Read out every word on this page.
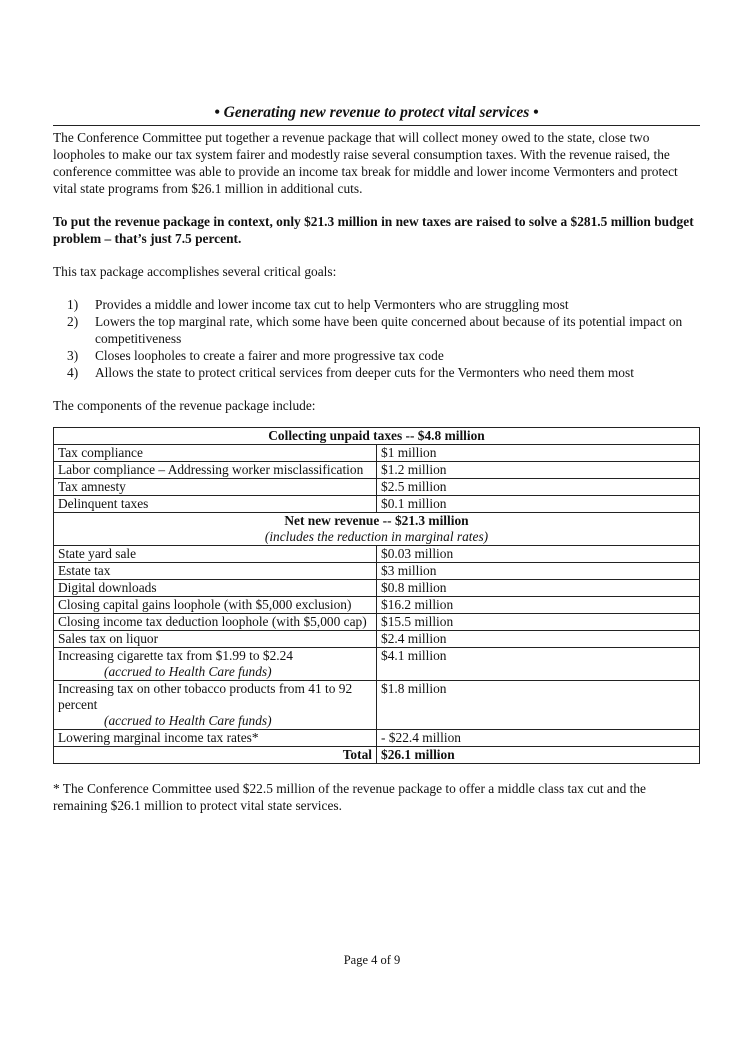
• Generating new revenue to protect vital services •

The Conference Committee put together a revenue package that will collect money owed to the state, close two loopholes to make our tax system fairer and modestly raise several consumption taxes. With the revenue raised, the conference committee was able to provide an income tax break for middle and lower income Vermonters and protect vital state programs from $26.1 million in additional cuts.

To put the revenue package in context, only $21.3 million in new taxes are raised to solve a $281.5 million budget problem – that’s just 7.5 percent.

This tax package accomplishes several critical goals:

1) Provides a middle and lower income tax cut to help Vermonters who are struggling most
2) Lowers the top marginal rate, which some have been quite concerned about because of its potential impact on competitiveness
3) Closes loopholes to create a fairer and more progressive tax code
4) Allows the state to protect critical services from deeper cuts for the Vermonters who need them most

The components of the revenue package include:

Collecting unpaid taxes -- $4.8 million	
Tax compliance	$1 million
Labor compliance – Addressing worker misclassification	$1.2 million
Tax amnesty	$2.5 million
Delinquent taxes	$0.1 million
Net new revenue -- $21.3 million
(includes the reduction in marginal rates)	

State yard sale	$0.03 million
Estate tax	$3 million
Digital downloads	$0.8 million
Closing capital gains loophole (with $5,000 exclusion)	$16.2 million
Closing income tax deduction loophole (with $5,000 cap)	$15.5 million
Sales tax on liquor	$2.4 million
Increasing cigarette tax from $1.99 to $2.24
(accrued to Health Care funds)	$4.1 million
Increasing tax on other tobacco products from 41 to 92 percent
(accrued to Health Care funds)	$1.8 million
Lowering marginal income tax rates*	- $22.4 million
Total	$26.1 million

* The Conference Committee used $22.5 million of the revenue package to offer a middle class tax cut and the remaining $26.1 million to protect vital state services.

Page 4 of 9
